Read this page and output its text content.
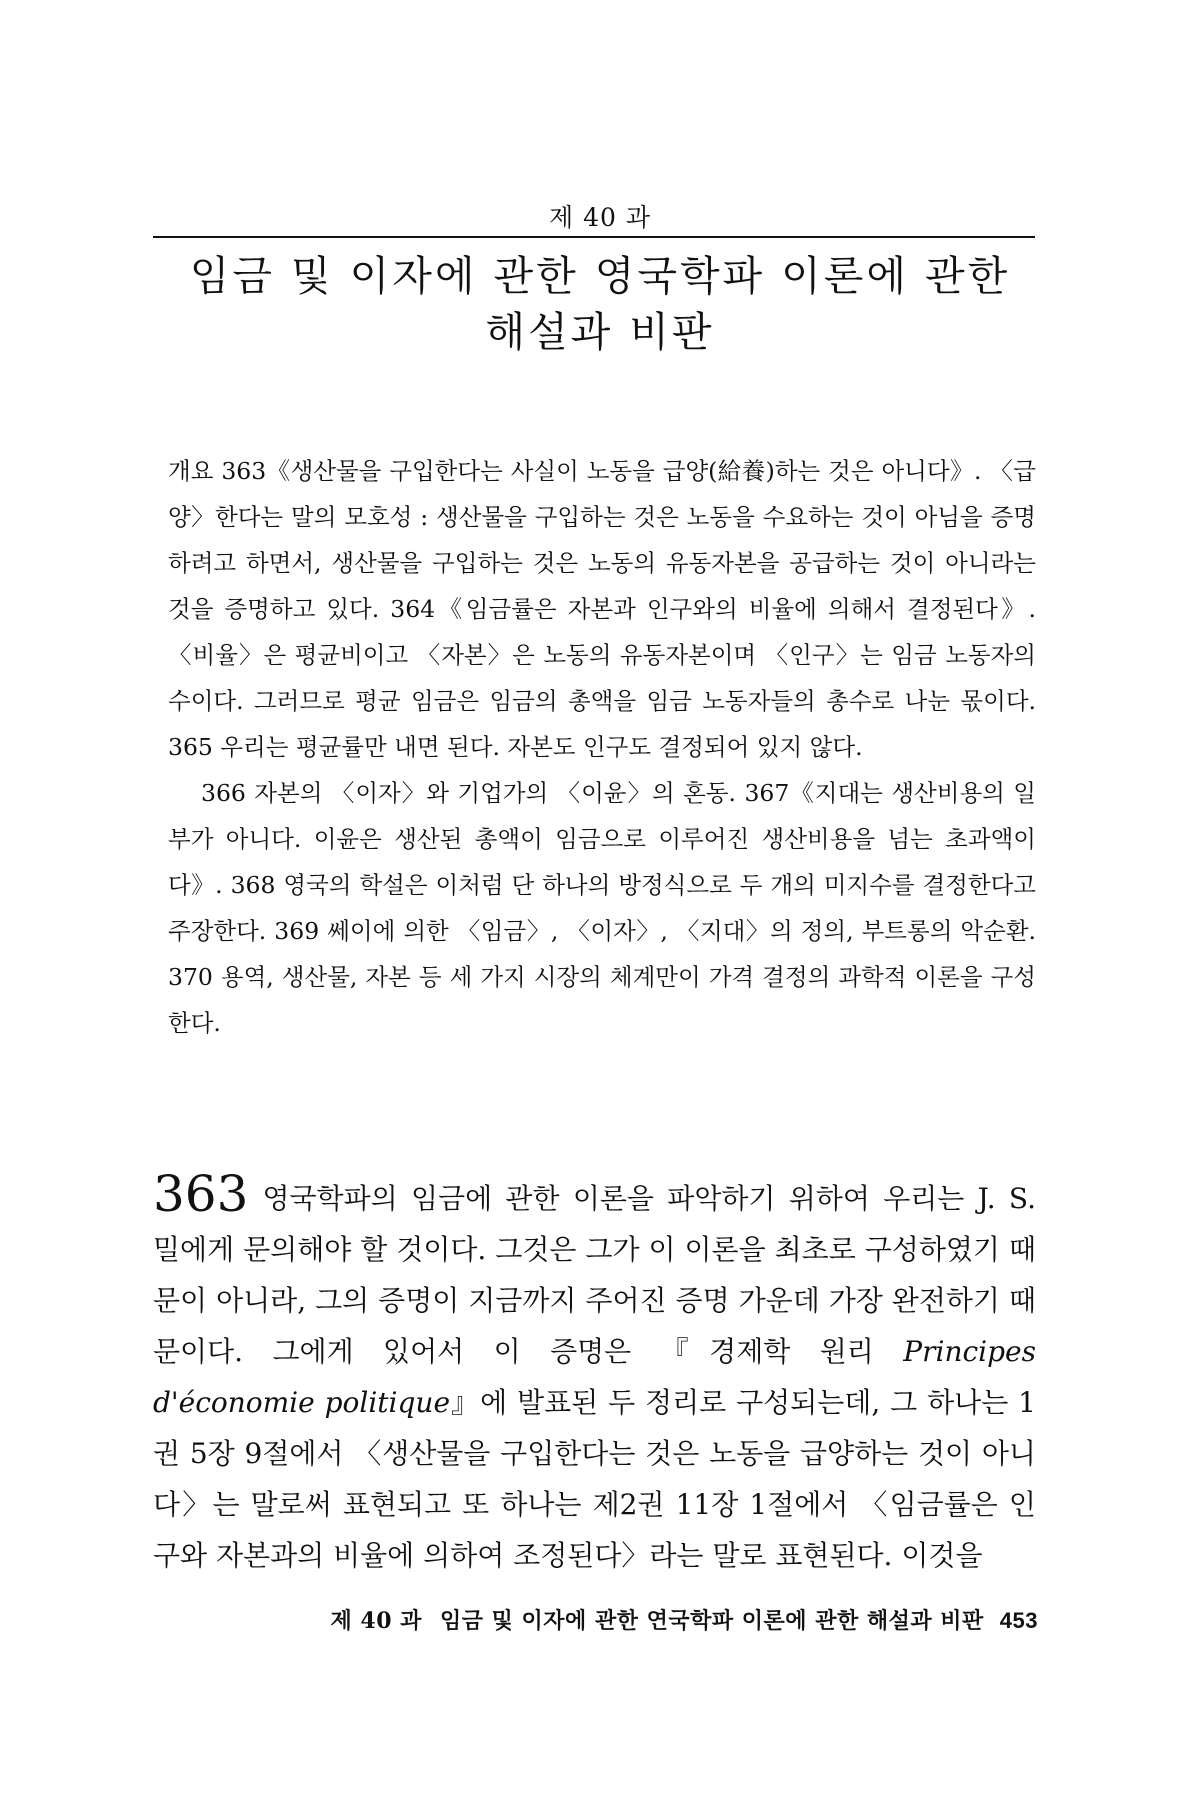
제 40 과
임금 및 이자에 관한 영국학파 이론에 관한
해설과 비판

개요 363《생산물을 구입한다는 사실이 노동을 급양(給養)하는 것은 아니다》. 〈급양〉한다는 말의 모호성 : 생산물을 구입하는 것은 노동을 수요하는 것이 아님을 증명하려고 하면서, 생산물을 구입하는 것은 노동의 유동자본을 공급하는 것이 아니라는 것을 증명하고 있다. 364《임금률은 자본과 인구와의 비율에 의해서 결정된다》. 〈비율〉은 평균비이고 〈자본〉은 노동의 유동자본이며 〈인구〉는 임금 노동자의 수이다. 그러므로 평균 임금은 임금의 총액을 임금 노동자들의 총수로 나눈 몫이다. 365 우리는 평균률만 내면 된다. 자본도 인구도 결정되어 있지 않다.

366 자본의 〈이자〉와 기업가의 〈이윤〉의 혼동. 367《지대는 생산비용의 일부가 아니다. 이윤은 생산된 총액이 임금으로 이루어진 생산비용을 넘는 초과액이다》. 368 영국의 학설은 이처럼 단 하나의 방정식으로 두 개의 미지수를 결정한다고 주장한다. 369 쎄이에 의한 〈임금〉, 〈이자〉, 〈지대〉의 정의, 부트롱의 악순환. 370 용역, 생산물, 자본 등 세 가지 시장의 체계만이 가격 결정의 과학적 이론을 구성한다.

363 영국학파의 임금에 관한 이론을 파악하기 위하여 우리는 J. S. 밀에게 문의해야 할 것이다. 그것은 그가 이 이론을 최초로 구성하였기 때문이 아니라, 그의 증명이 지금까지 주어진 증명 가운데 가장 완전하기 때문이다. 그에게 있어서 이 증명은 『경제학 원리 Principes d'économie politique』에 발표된 두 정리로 구성되는데, 그 하나는 1권 5장 9절에서 〈생산물을 구입한다는 것은 노동을 급양하는 것이 아니다〉는 말로써 표현되고 또 하나는 제2권 11장 1절에서 〈임금률은 인구와 자본과의 비율에 의하여 조정된다〉라는 말로 표현된다. 이것을
제 40 과 임금 및 이자에 관한 연국학파 이론에 관한 해설과 비판 453
